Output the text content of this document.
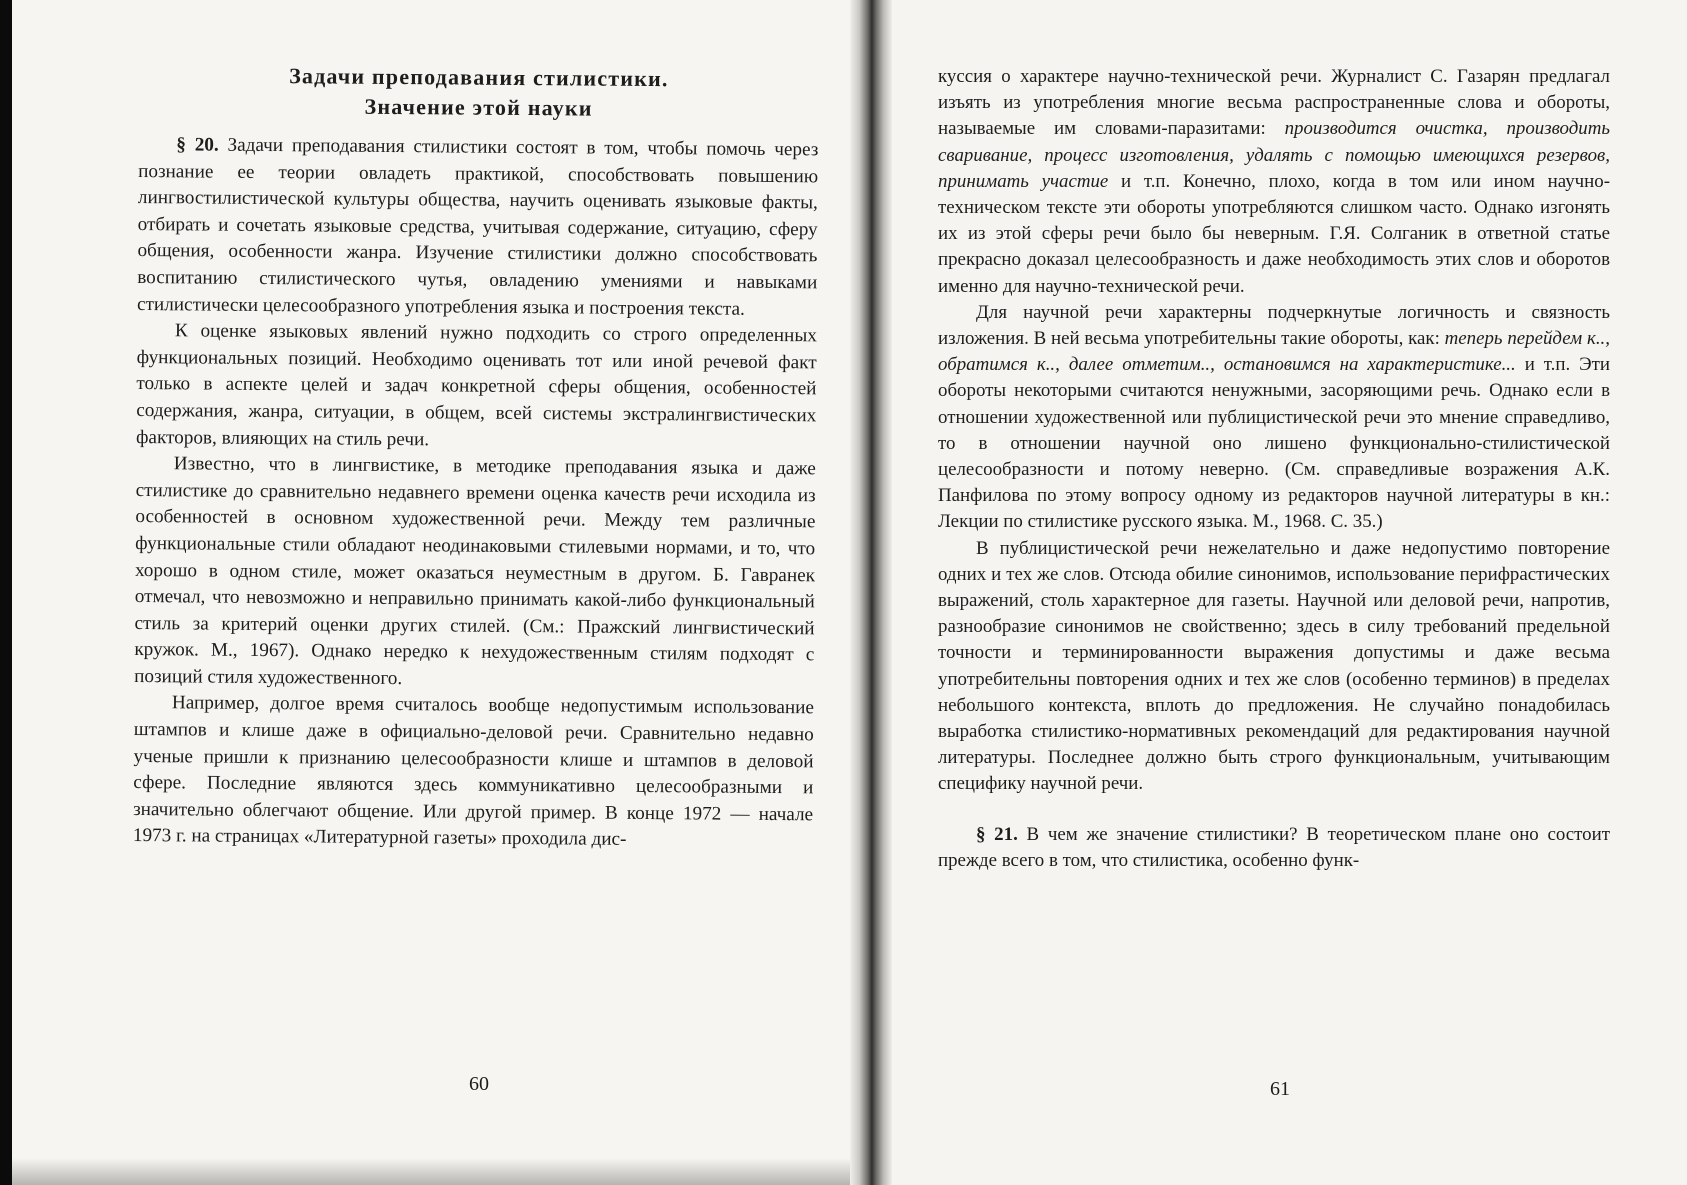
Задачи преподавания стилистики.
Значение этой науки

§ 20. Задачи преподавания стилистики состоят в том, чтобы помочь через познание ее теории овладеть практикой, способствовать повышению лингвостилистической культуры общества, научить оценивать языковые факты, отбирать и сочетать языковые средства, учитывая содержание, ситуацию, сферу общения, особенности жанра. Изучение стилистики должно способствовать воспитанию стилистического чутья, овладению умениями и навыками стилистически целесообразного употребления языка и построения текста.

К оценке языковых явлений нужно подходить со строго определенных функциональных позиций. Необходимо оценивать тот или иной речевой факт только в аспекте целей и задач конкретной сферы общения, особенностей содержания, жанра, ситуации, в общем, всей системы экстралингвистических факторов, влияющих на стиль речи.

Известно, что в лингвистике, в методике преподавания языка и даже стилистике до сравнительно недавнего времени оценка качеств речи исходила из особенностей в основном художественной речи. Между тем различные функциональные стили обладают неодинаковыми стилевыми нормами, и то, что хорошо в одном стиле, может оказаться неуместным в другом. Б. Гавранек отмечал, что невозможно и неправильно принимать какой-либо функциональный стиль за критерий оценки других стилей. (См.: Пражский лингвистический кружок. М., 1967). Однако нередко к нехудожественным стилям подходят с позиций стиля художественного.

Например, долгое время считалось вообще недопустимым использование штампов и клише даже в официально-деловой речи. Сравнительно недавно ученые пришли к признанию целесообразности клише и штампов в деловой сфере. Последние являются здесь коммуникативно целесообразными и значительно облегчают общение. Или другой пример. В конце 1972 — начале 1973 г. на страницах «Литературной газеты» проходила дис-

60

куссия о характере научно-технической речи. Журналист С. Газарян предлагал изъять из употребления многие весьма распространенные слова и обороты, называемые им словами-паразитами: производится очистка, производить сваривание, процесс изготовления, удалять с помощью имеющихся резервов, принимать участие и т.п. Конечно, плохо, когда в том или ином научно-техническом тексте эти обороты употребляются слишком часто. Однако изгонять их из этой сферы речи было бы неверным. Г.Я. Солганик в ответной статье прекрасно доказал целесообразность и даже необходимость этих слов и оборотов именно для научно-технической речи.

Для научной речи характерны подчеркнутые логичность и связность изложения. В ней весьма употребительны такие обороты, как: теперь перейдем к.., обратимся к.., далее отметим.., остановимся на характеристике... и т.п. Эти обороты некоторыми считаются ненужными, засоряющими речь. Однако если в отношении художественной или публицистической речи это мнение справедливо, то в отношении научной оно лишено функционально-стилистической целесообразности и потому неверно. (См. справедливые возражения А.К. Панфилова по этому вопросу одному из редакторов научной литературы в кн.: Лекции по стилистике русского языка. М., 1968. С. 35.)

В публицистической речи нежелательно и даже недопустимо повторение одних и тех же слов. Отсюда обилие синонимов, использование перифрастических выражений, столь характерное для газеты. Научной или деловой речи, напротив, разнообразие синонимов не свойственно; здесь в силу требований предельной точности и терминированности выражения допустимы и даже весьма употребительны повторения одних и тех же слов (особенно терминов) в пределах небольшого контекста, вплоть до предложения. Не случайно понадобилась выработка стилистико-нормативных рекомендаций для редактирования научной литературы. Последнее должно быть строго функциональным, учитывающим специфику научной речи.

§ 21. В чем же значение стилистики? В теоретическом плане оно состоит прежде всего в том, что стилистика, особенно функ-

61
